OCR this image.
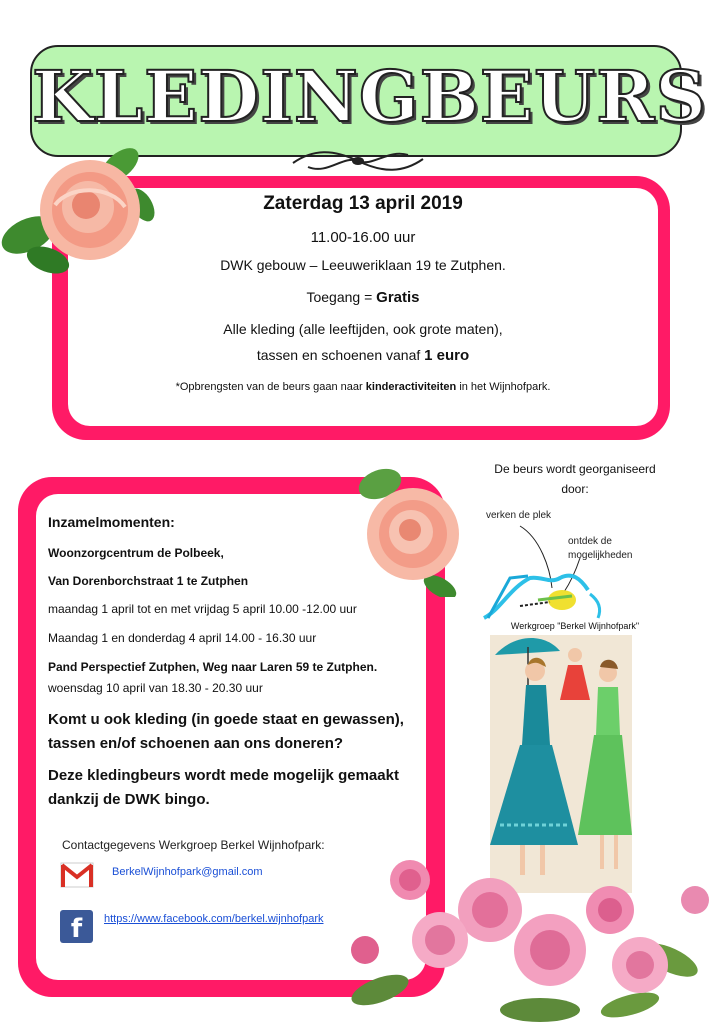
KLEDINGBEURS
Zaterdag 13 april 2019
11.00-16.00 uur
DWK gebouw – Leeuweriklaan 19 te Zutphen.
Toegang = Gratis
Alle kleding (alle leeftijden, ook grote maten),
tassen en schoenen vanaf 1 euro
*Opbrengsten van de beurs gaan naar kinderactiviteiten in het Wijnhofpark.
Inzamelmomenten:
Woonzorgcentrum de Polbeek,
Van Dorenborchstraat 1 te Zutphen
maandag 1 april tot en met vrijdag 5 april 10.00 -12.00 uur
Maandag 1 en donderdag 4 april 14.00 - 16.30 uur
Pand Perspectief Zutphen, Weg naar Laren 59 te Zutphen.
woensdag 10 april van 18.30 - 20.30 uur
Komt u ook kleding (in goede staat en gewassen),
tassen en/of schoenen aan ons doneren?
Deze kledingbeurs wordt mede mogelijk gemaakt
dankzij de DWK bingo.
De beurs wordt georganiseerd
door:
verken de plek
ontdek de
mogelijkheden
Werkgroep "Berkel Wijnhofpark"
Contactgegevens Werkgroep Berkel Wijnhofpark:
BerkelWijnhofpark@gmail.com
f	https://www.facebook.com/berkel.wijnhofpark
